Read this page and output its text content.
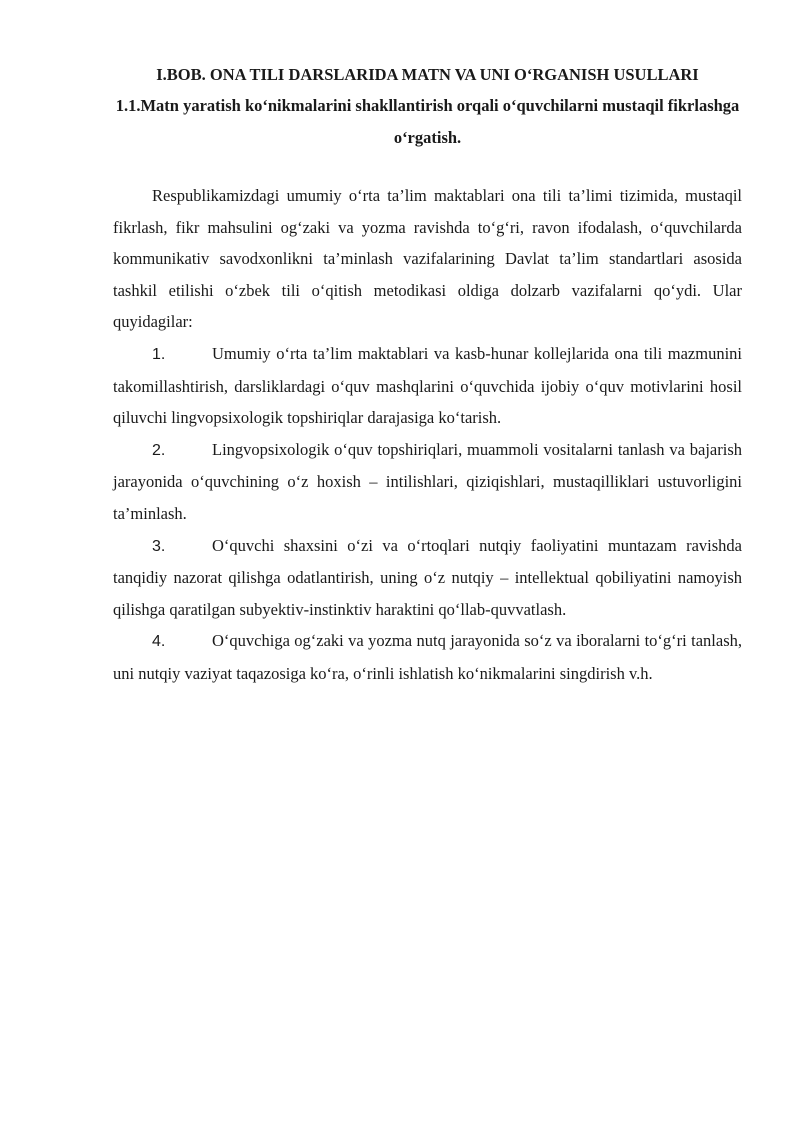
I.BOB. ONA TILI DARSLARIDA MATN VA UNI O‘RGANISH USULLARI
1.1.Matn yaratish ko‘nikmalarini shakllantirish orqali o‘quvchilarni mustaqil fikrlashga o‘rgatish.

Respublikamizdagi umumiy o‘rta ta’lim maktablari ona tili ta’limi tizimida, mustaqil fikrlash, fikr mahsulini og‘zaki va yozma ravishda to‘g‘ri, ravon ifodalash, o‘quvchilarda kommunikativ savodxonlikni ta’minlash vazifalarining Davlat ta’lim standartlari asosida tashkil etilishi o‘zbek tili o‘qitish metodikasi oldiga dolzarb vazifalarni qo‘ydi. Ular quyidagilar:

1.	Umumiy o‘rta ta’lim maktablari va kasb-hunar kollejlarida ona tili mazmunini takomillashtirish, darsliklardagi o‘quv mashqlarini o‘quvchida ijobiy o‘quv motivlarini hosil qiluvchi lingvopsixologik topshiriqlar darajasiga ko‘tarish.

2.	Lingvopsixologik o‘quv topshiriqlari, muammoli vositalarni tanlash va bajarish jarayonida o‘quvchining o‘z hoxish – intilishlari, qiziqishlari, mustaqilliklari ustuvorligini ta’minlash.

3.	O‘quvchi shaxsini o‘zi va o‘rtoqlari nutqiy faoliyatini muntazam ravishda tanqidiy nazorat qilishga odatlantirish, uning o‘z nutqiy – intellektual qobiliyatini namoyish qilishga qaratilgan subyektiv-instinktiv haraktini qo‘llab-quvvatlash.

4.	O‘quvchiga og‘zaki va yozma nutq jarayonida so‘z va iboralarni to‘g‘ri tanlash, uni nutqiy vaziyat taqazosiga ko‘ra, o‘rinli ishlatish ko‘nikmalarini singdirish v.h.
